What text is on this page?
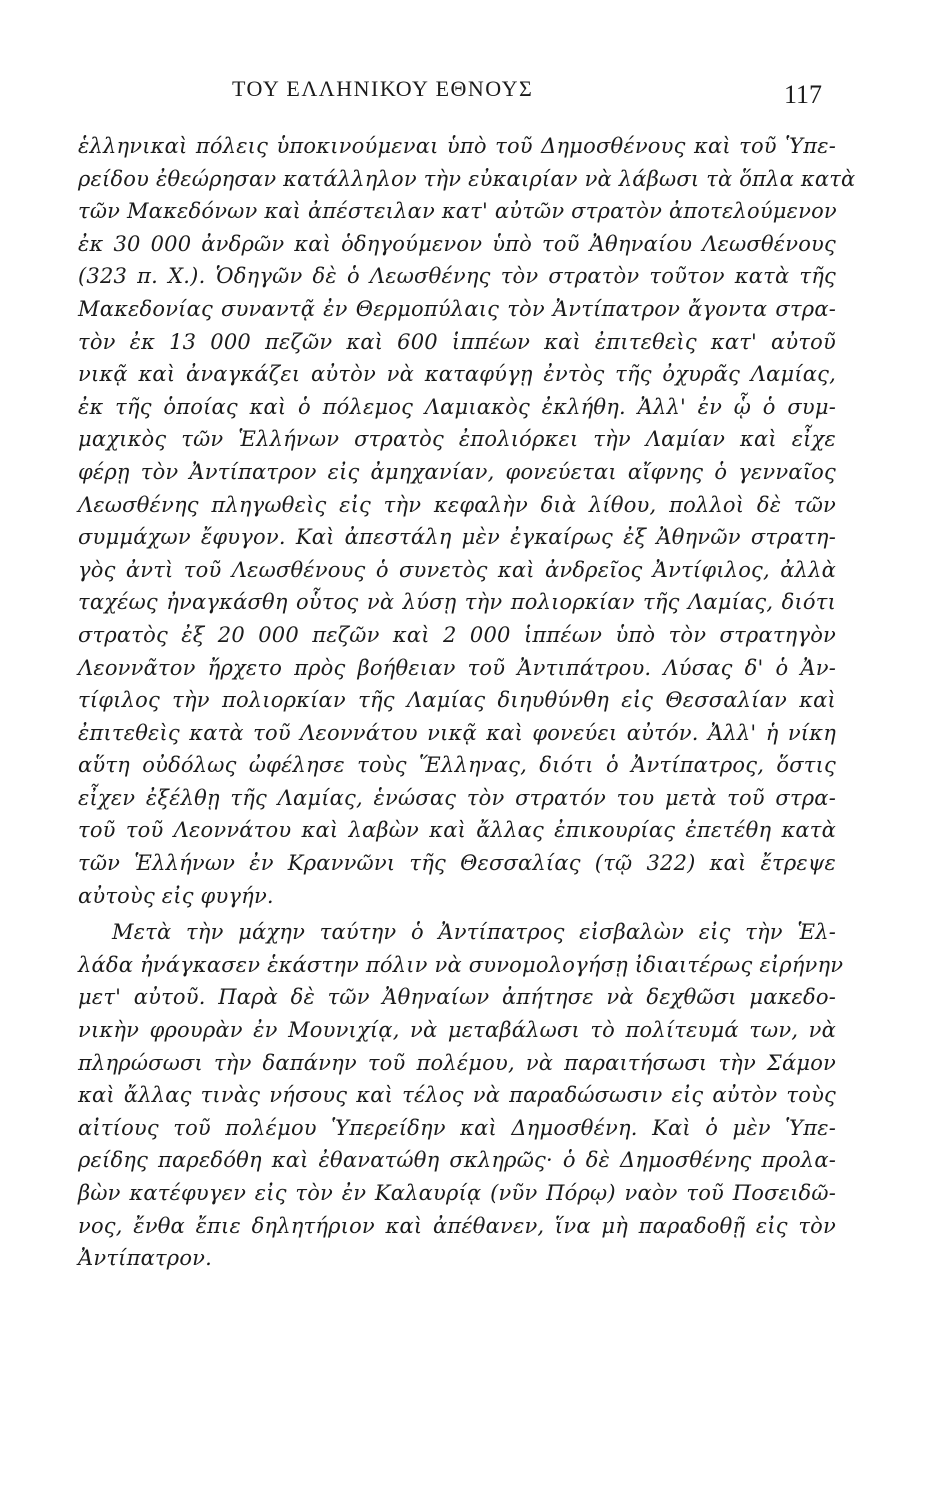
ΤΟΥ ΕΛΛΗΝΙΚΟΥ ΕΘΝΟΥΣ	117
ἑλληνικαὶ πόλεις ὑποκινούμεναι ὑπὸ τοῦ Δημοσθένους καὶ τοῦ Ὑπε-
ρείδου ἐθεώρησαν κατάλληλον τὴν εὐκαιρίαν νὰ λάβωσι τὰ ὅπλα κατὰ
τῶν Μακεδόνων καὶ ἀπέστειλαν κατ' αὐτῶν στρατὸν ἀποτελούμενον
ἐκ 30 000 ἀνδρῶν καὶ ὁδηγούμενον ὑπὸ τοῦ Ἀθηναίου Λεωσθένους
(323 π. Χ.). Ὁδηγῶν δὲ ὁ Λεωσθένης τὸν στρατὸν τοῦτον κατὰ τῆς
Μακεδονίας συναντᾷ ἐν Θερμοπύλαις τὸν Ἀντίπατρον ἄγοντα στρα-
τὸν ἐκ 13 000 πεζῶν καὶ 600 ἱππέων καὶ ἐπιτεθεὶς κατ' αὐτοῦ
νικᾷ καὶ ἀναγκάζει αὐτὸν νὰ καταφύγῃ ἐντὸς τῆς ὀχυρᾶς Λαμίας,
ἐκ τῆς ὁποίας καὶ ὁ πόλεμος Λαμιακὸς ἐκλήθη. Ἀλλ' ἐν ᾧ ὁ συμ-
μαχικὸς τῶν Ἑλλήνων στρατὸς ἐπολιόρκει τὴν Λαμίαν καὶ εἶχε
φέρῃ τὸν Ἀντίπατρον εἰς ἀμηχανίαν, φονεύεται αἴφνης ὁ γενναῖος
Λεωσθένης πληγωθεὶς εἰς τὴν κεφαλὴν διὰ λίθου, πολλοὶ δὲ τῶν
συμμάχων ἔφυγον. Καὶ ἀπεστάλη μὲν ἐγκαίρως ἐξ Ἀθηνῶν στρατη-
γὸς ἀντὶ τοῦ Λεωσθένους ὁ συνετὸς καὶ ἀνδρεῖος Ἀντίφιλος, ἀλλὰ
ταχέως ἠναγκάσθη οὗτος νὰ λύσῃ τὴν πολιορκίαν τῆς Λαμίας, διότι
στρατὸς ἐξ 20 000 πεζῶν καὶ 2 000 ἱππέων ὑπὸ τὸν στρατηγὸν
Λεοννᾶτον ἤρχετο πρὸς βοήθειαν τοῦ Ἀντιπάτρου. Λύσας δ' ὁ Ἀν-
τίφιλος τὴν πολιορκίαν τῆς Λαμίας διηυθύνθη εἰς Θεσσαλίαν καὶ
ἐπιτεθεὶς κατὰ τοῦ Λεοννάτου νικᾷ καὶ φονεύει αὐτόν. Ἀλλ' ἡ νίκη
αὕτη οὐδόλως ὠφέλησε τοὺς Ἕλληνας, διότι ὁ Ἀντίπατρος, ὅστις
εἶχεν ἐξέλθῃ τῆς Λαμίας, ἑνώσας τὸν στρατόν του μετὰ τοῦ στρα-
τοῦ τοῦ Λεοννάτου καὶ λαβὼν καὶ ἄλλας ἐπικουρίας ἐπετέθη κατὰ
τῶν Ἑλλήνων ἐν Κραννῶνι τῆς Θεσσαλίας (τῷ 322) καὶ ἔτρεψε
αὐτοὺς εἰς φυγήν.
Μετὰ τὴν μάχην ταύτην ὁ Ἀντίπατρος εἰσβαλὼν εἰς τὴν Ἑλ-
λάδα ἠνάγκασεν ἑκάστην πόλιν νὰ συνομολογήσῃ ἰδιαιτέρως εἰρήνην
μετ' αὐτοῦ. Παρὰ δὲ τῶν Ἀθηναίων ἀπήτησε νὰ δεχθῶσι μακεδο-
νικὴν φρουρὰν ἐν Μουνιχίᾳ, νὰ μεταβάλωσι τὸ πολίτευμά των, νὰ
πληρώσωσι τὴν δαπάνην τοῦ πολέμου, νὰ παραιτήσωσι τὴν Σάμον
καὶ ἄλλας τινὰς νήσους καὶ τέλος νὰ παραδώσωσιν εἰς αὐτὸν τοὺς
αἰτίους τοῦ πολέμου Ὑπερείδην καὶ Δημοσθένη. Καὶ ὁ μὲν Ὑπε-
ρείδης παρεδόθη καὶ ἐθανατώθη σκληρῶς· ὁ δὲ Δημοσθένης προλα-
βὼν κατέφυγεν εἰς τὸν ἐν Καλαυρίᾳ (νῦν Πόρῳ) ναὸν τοῦ Ποσειδῶ-
νος, ἔνθα ἔπιε δηλητήριον καὶ ἀπέθανεν, ἵνα μὴ παραδοθῇ εἰς τὸν
Ἀντίπατρον.
